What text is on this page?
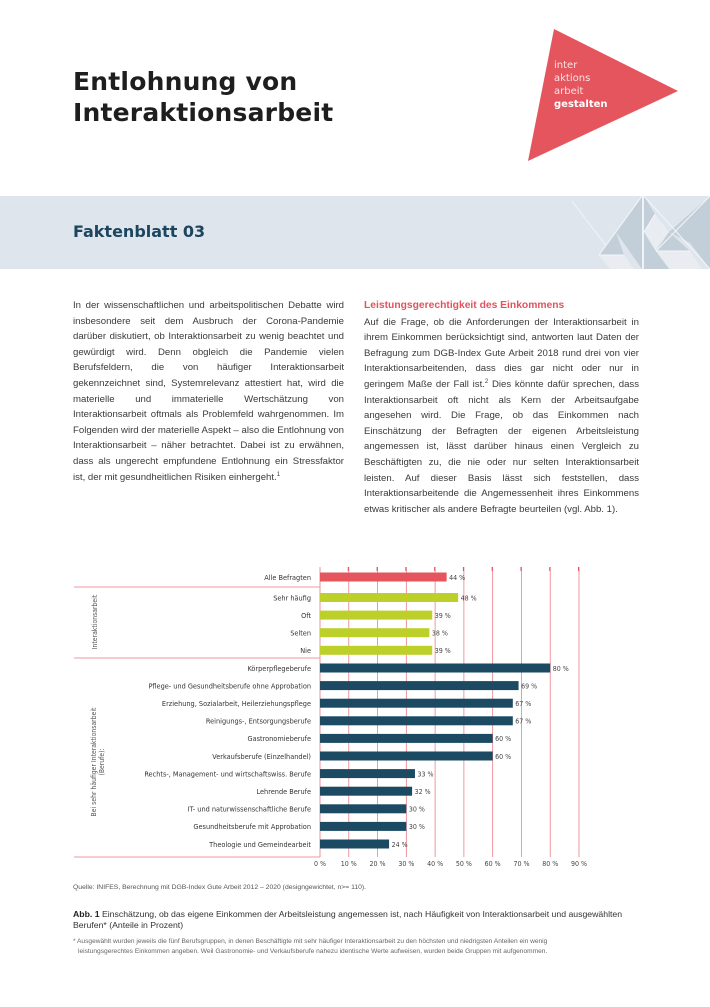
Entlohnung von
Interaktionsarbeit
inter
aktions
arbeit
gestalten
Faktenblatt 03
In der wissenschaftlichen und arbeitspolitischen Debatte wird insbesondere seit dem Ausbruch der Corona-Pandemie darüber diskutiert, ob Interaktionsarbeit zu wenig beachtet und gewürdigt wird. Denn obgleich die Pandemie vielen Berufsfeldern, die von häufiger Interaktionsarbeit gekennzeichnet sind, Systemrelevanz attestiert hat, wird die materielle und immaterielle Wertschätzung von Interaktionsarbeit oftmals als Problemfeld wahrgenommen. Im Folgenden wird der materielle Aspekt – also die Entlohnung von Interaktionsarbeit – näher betrachtet. Dabei ist zu erwähnen, dass als ungerecht empfundene Entlohnung ein Stressfaktor ist, der mit gesundheitlichen Risiken einhergeht.$^1$
Leistungsgerechtigkeit des Einkommens
Auf die Frage, ob die Anforderungen der Interaktionsarbeit in ihrem Einkommen berücksichtigt sind, antworten laut Daten der Befragung zum DGB-Index Gute Arbeit 2018 rund drei von vier Interaktionsarbeitenden, dass dies gar nicht oder nur in geringem Maße der Fall ist.$^2$ Dies könnte dafür sprechen, dass Interaktionsarbeit oft nicht als Kern der Arbeitsaufgabe angesehen wird. Die Frage, ob das Einkommen nach Einschätzung der Befragten der eigenen Arbeitsleistung angemessen ist, lässt darüber hinaus einen Vergleich zu Beschäftigten zu, die nie oder nur selten Interaktionsarbeit leisten. Auf dieser Basis lässt sich feststellen, dass Interaktionsarbeitende die Angemessenheit ihres Einkommens etwas kritischer als andere Befragte beurteilen (vgl. Abb. 1).
Alle Befragten	44 %
Sehr häufig	48 %
Oft	39 %
Selten	38 %
Nie	39 %
Körperpflegeberufe	80 %
Pflege- und Gesundheitsberufe ohne Approbation	69 %
Erziehung, Sozialarbeit, Heilerziehungspflege	67 %
Reinigungs-, Entsorgungsberufe	67 %
Gastronomieberufe	60 %
Verkaufsberufe (Einzelhandel)	60 %
Rechts-, Management- und wirtschaftswiss. Berufe	33 %
Lehrende Berufe	32 %
IT- und naturwissenschaftliche Berufe	30 %
Gesundheitsberufe mit Approbation	30 %
Theologie und Gemeindearbeit	24 %
Interaktionsarbeit
Bei sehr häufiger Interaktionsarbeit (Berufe):
0 % 10 % 20 % 30 % 40 % 50 % 60 % 70 % 80 % 90 %
Quelle: INIFES, Berechnung mit DGB-Index Gute Arbeit 2012 – 2020 (designgewichtet, n>= 110).
Abb. 1 Einschätzung, ob das eigene Einkommen der Arbeitsleistung angemessen ist, nach Häufigkeit von Interaktionsarbeit und ausgewählten Berufen* (Anteile in Prozent)
* Ausgewählt wurden jeweils die fünf Berufsgruppen, in denen Beschäftigte mit sehr häufiger Interaktionsarbeit zu den höchsten und niedrigsten Anteilen ein wenig
leistungsgerechtes Einkommen angeben. Weil Gastronomie- und Verkaufsberufe nahezu identische Werte aufweisen, wurden beide Gruppen mit aufgenommen.
